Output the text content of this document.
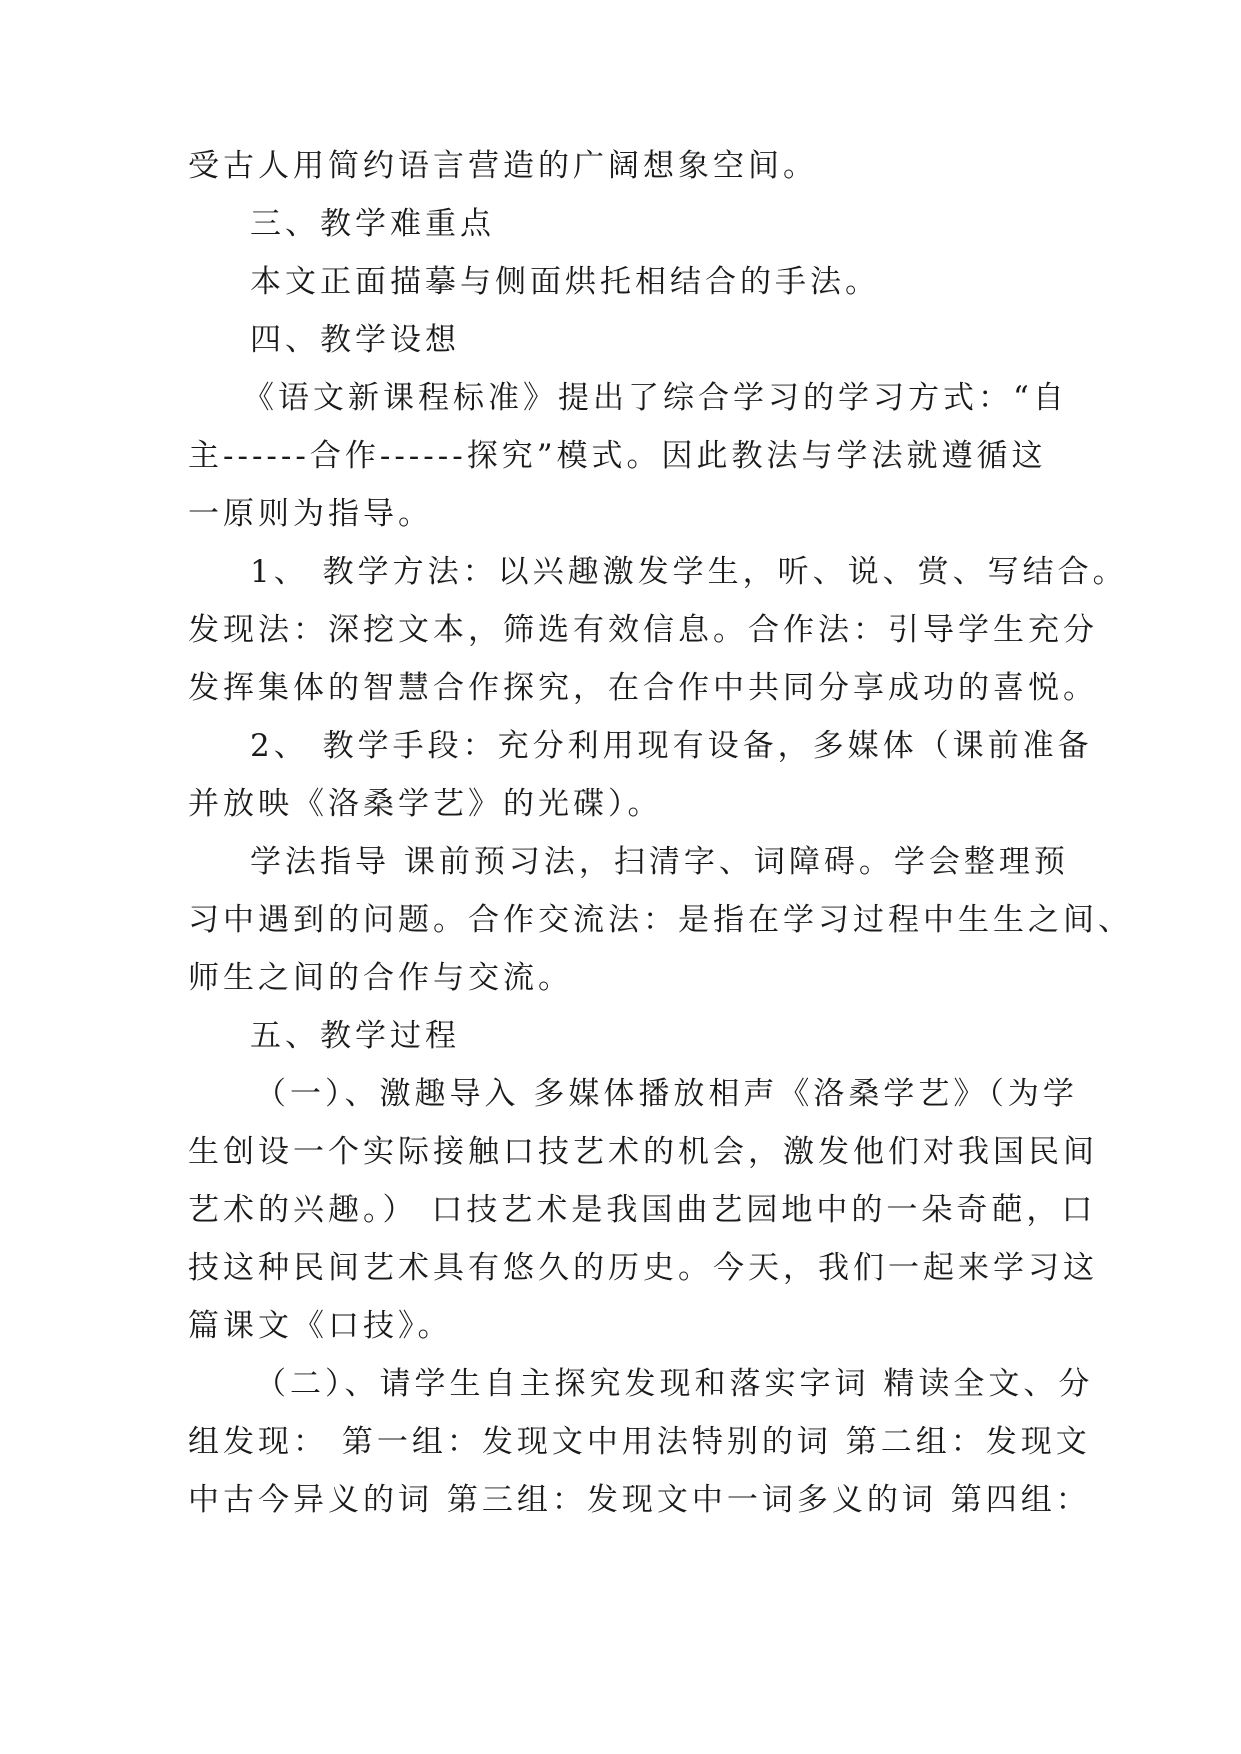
受古人用简约语言营造的广阔想象空间。
三、教学难重点
本文正面描摹与侧面烘托相结合的手法。
四、教学设想
《语文新课程标准》提出了综合学习的学习方式：“自
主------合作------探究”模式。因此教法与学法就遵循这
一原则为指导。
1、 教学方法：以兴趣激发学生，听、说、赏、写结合。
发现法：深挖文本，筛选有效信息。合作法：引导学生充分
发挥集体的智慧合作探究，在合作中共同分享成功的喜悦。
2、 教学手段：充分利用现有设备，多媒体（课前准备
并放映《洛桑学艺》的光碟）。
学法指导 课前预习法，扫清字、词障碍。学会整理预
习中遇到的问题。合作交流法：是指在学习过程中生生之间、
师生之间的合作与交流。
五、教学过程
（一）、激趣导入 多媒体播放相声《洛桑学艺》（为学
生创设一个实际接触口技艺术的机会，激发他们对我国民间
艺术的兴趣。） 口技艺术是我国曲艺园地中的一朵奇葩，口
技这种民间艺术具有悠久的历史。今天，我们一起来学习这
篇课文《口技》。
（二）、请学生自主探究发现和落实字词 精读全文、分
组发现： 第一组：发现文中用法特别的词 第二组：发现文
中古今异义的词 第三组：发现文中一词多义的词 第四组：
